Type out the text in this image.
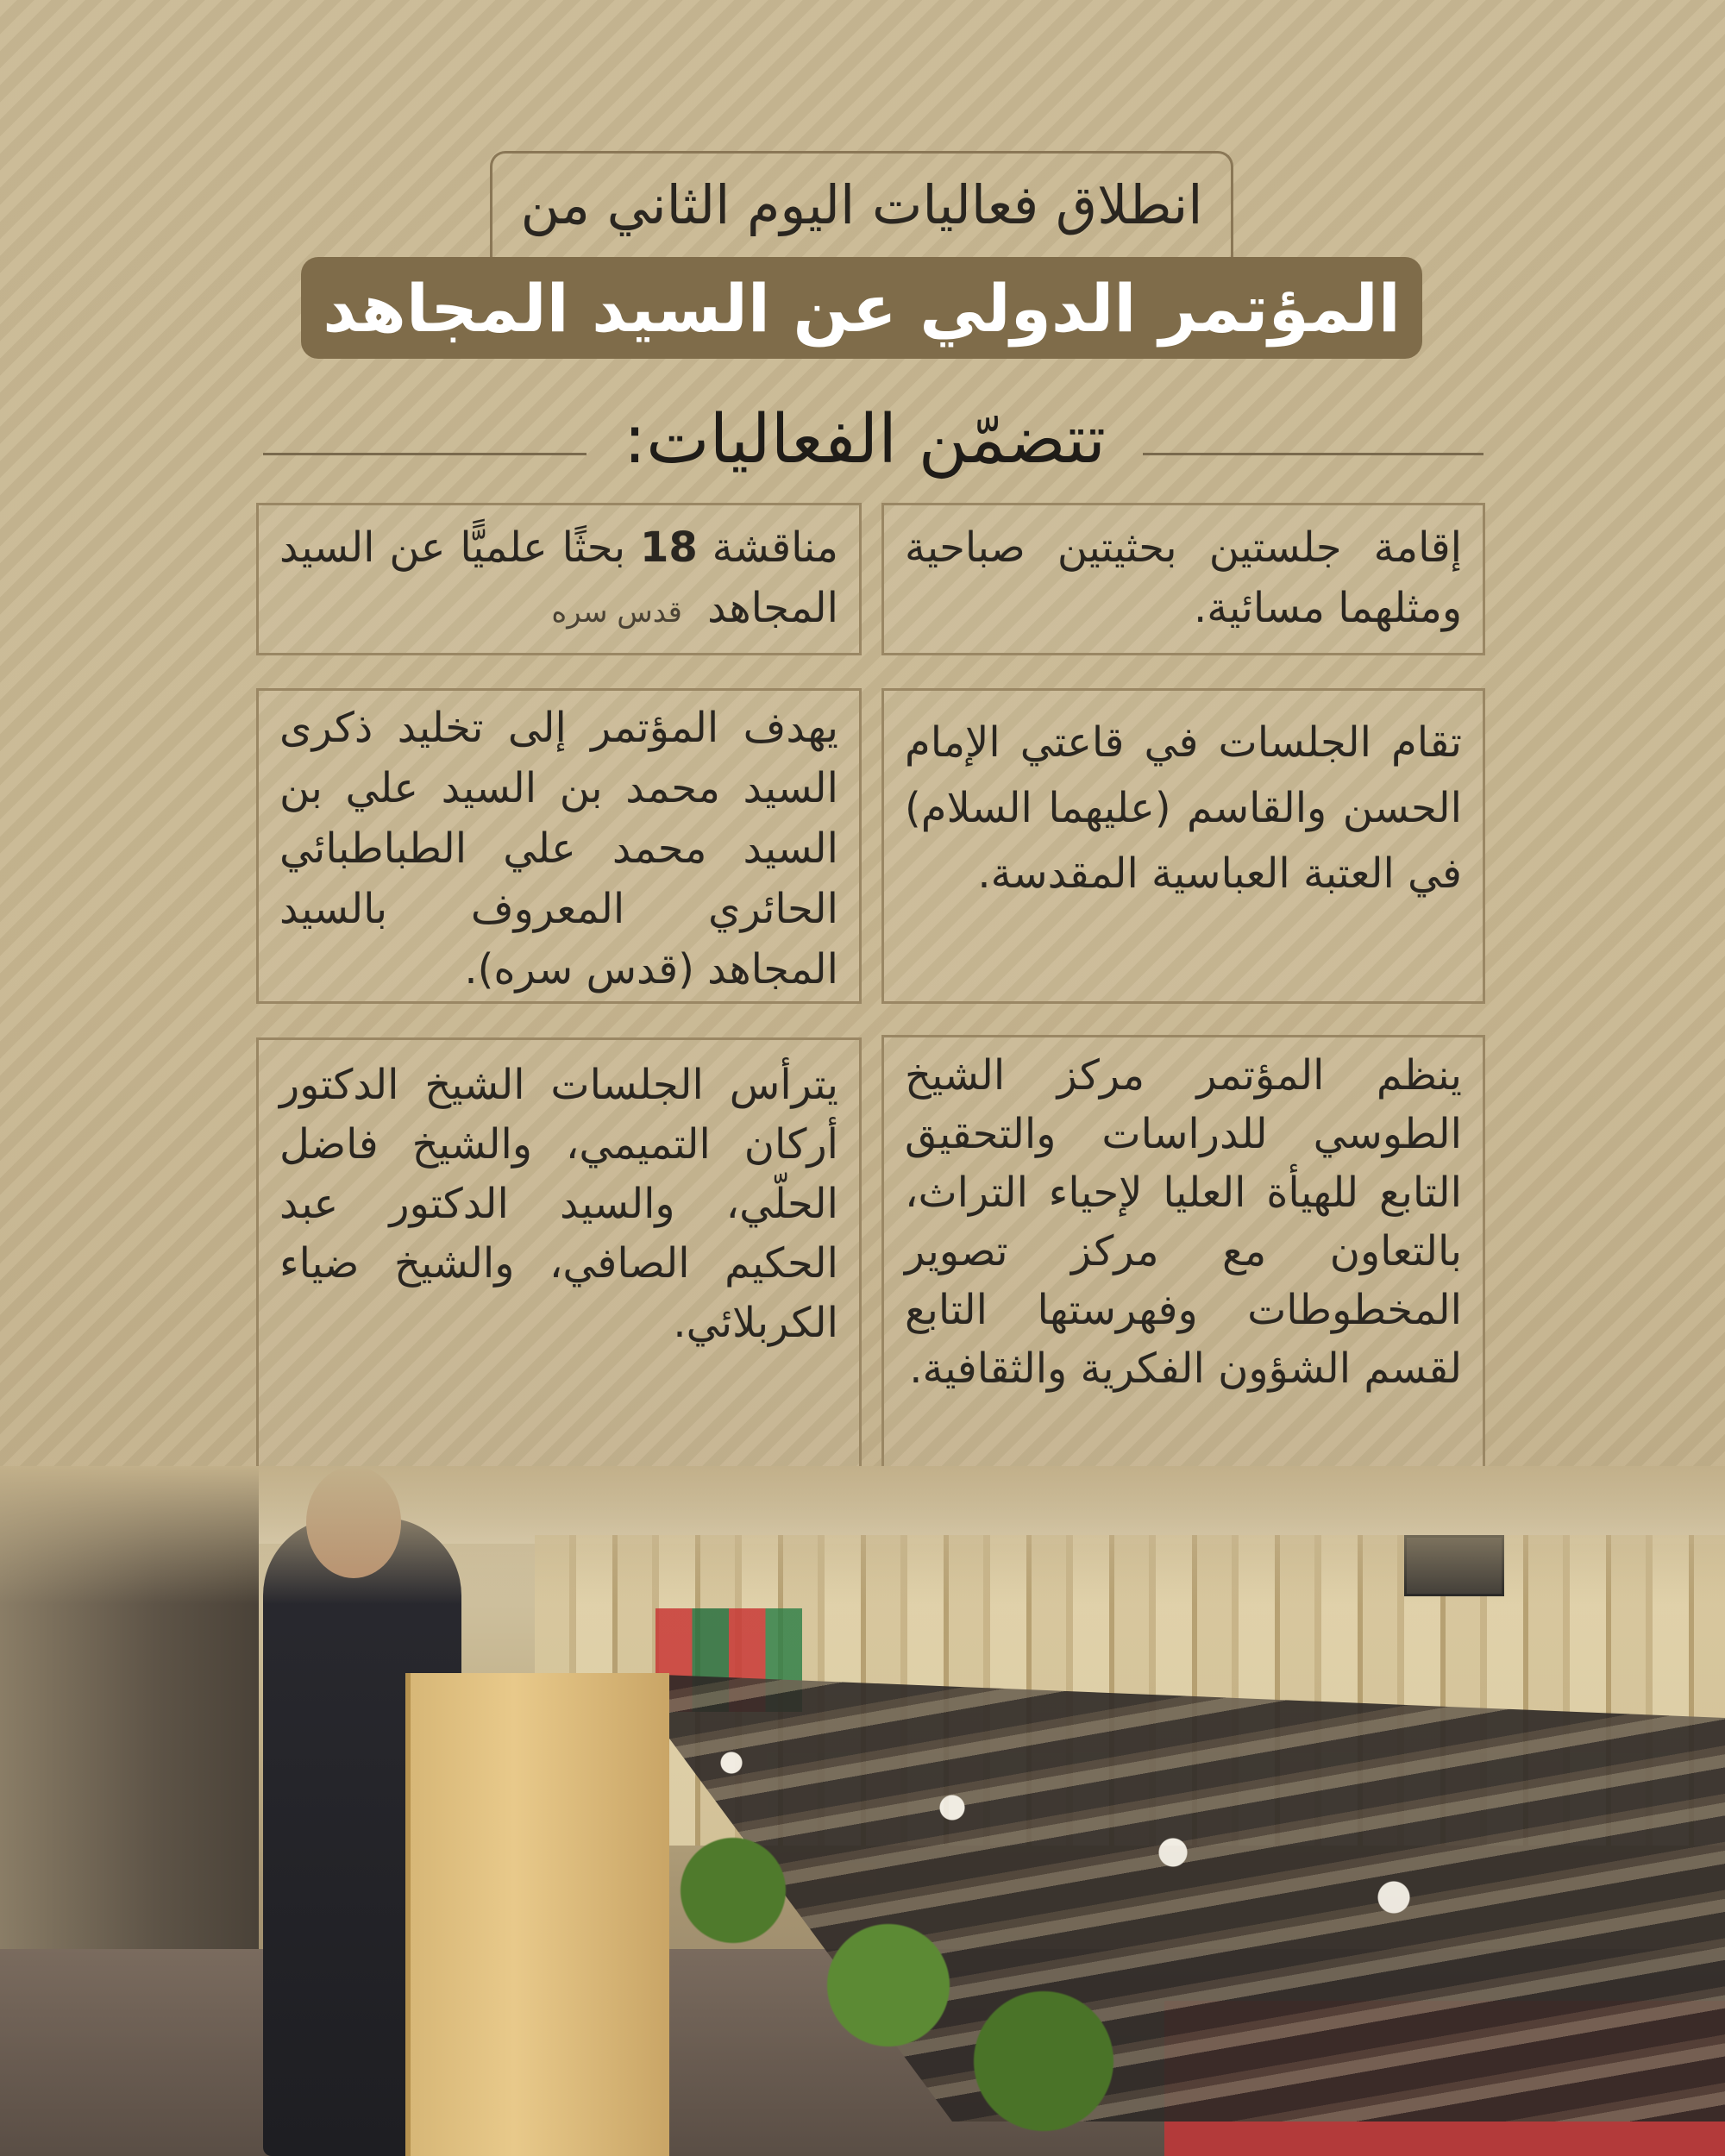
انطلاق فعاليات اليوم الثاني من
المؤتمر الدولي عن السيد المجاهد
تتضمّن الفعاليات:
إقامة جلستين بحثيتين صباحية ومثلهما مسائية.
مناقشة 18 بحثًا علميًّا عن السيد المجاهد قدس سره
تقام الجلسات في قاعتي الإمام الحسن والقاسم (عليهما السلام) في العتبة العباسية المقدسة.
يهدف المؤتمر إلى تخليد ذكرى السيد محمد بن السيد علي بن السيد محمد علي الطباطبائي الحائري المعروف بالسيد المجاهد (قدس سره).
ينظم المؤتمر مركز الشيخ الطوسي للدراسات والتحقيق التابع للهيأة العليا لإحياء التراث، بالتعاون مع مركز تصوير المخطوطات وفهرستها التابع لقسم الشؤون الفكرية والثقافية.
يترأس الجلسات الشيخ الدكتور أركان التميمي، والشيخ فاضل الحلّي، والسيد الدكتور عبد الحكيم الصافي، والشيخ ضياء الكربلائي.
